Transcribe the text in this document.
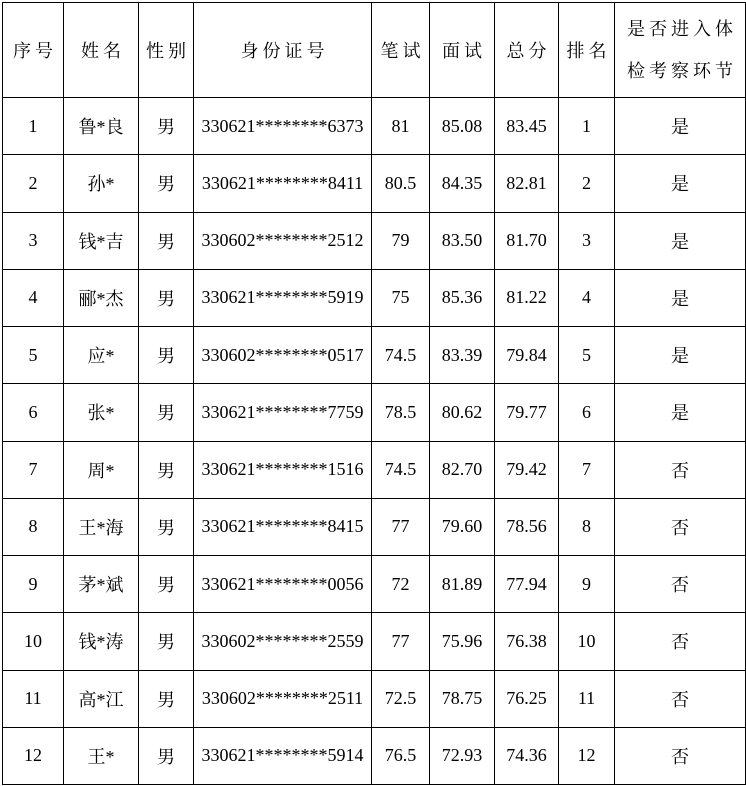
序号	姓名	性别	身份证号	笔试	面试	总分	排名	是否进入体
检考察环节

1	鲁*良	男	330621********6373	81	85.08	83.45	1	是
2	孙*	男	330621********8411	80.5	84.35	82.81	2	是
3	钱*吉	男	330602********2512	79	83.50	81.70	3	是
4	郦*杰	男	330621********5919	75	85.36	81.22	4	是
5	应*	男	330602********0517	74.5	83.39	79.84	5	是
6	张*	男	330621********7759	78.5	80.62	79.77	6	是
7	周*	男	330621********1516	74.5	82.70	79.42	7	否
8	王*海	男	330621********8415	77	79.60	78.56	8	否
9	茅*斌	男	330621********0056	72	81.89	77.94	9	否
10	钱*涛	男	330602********2559	77	75.96	76.38	10	否
11	高*江	男	330602********2511	72.5	78.75	76.25	11	否
12	王*	男	330621********5914	76.5	72.93	74.36	12	否
